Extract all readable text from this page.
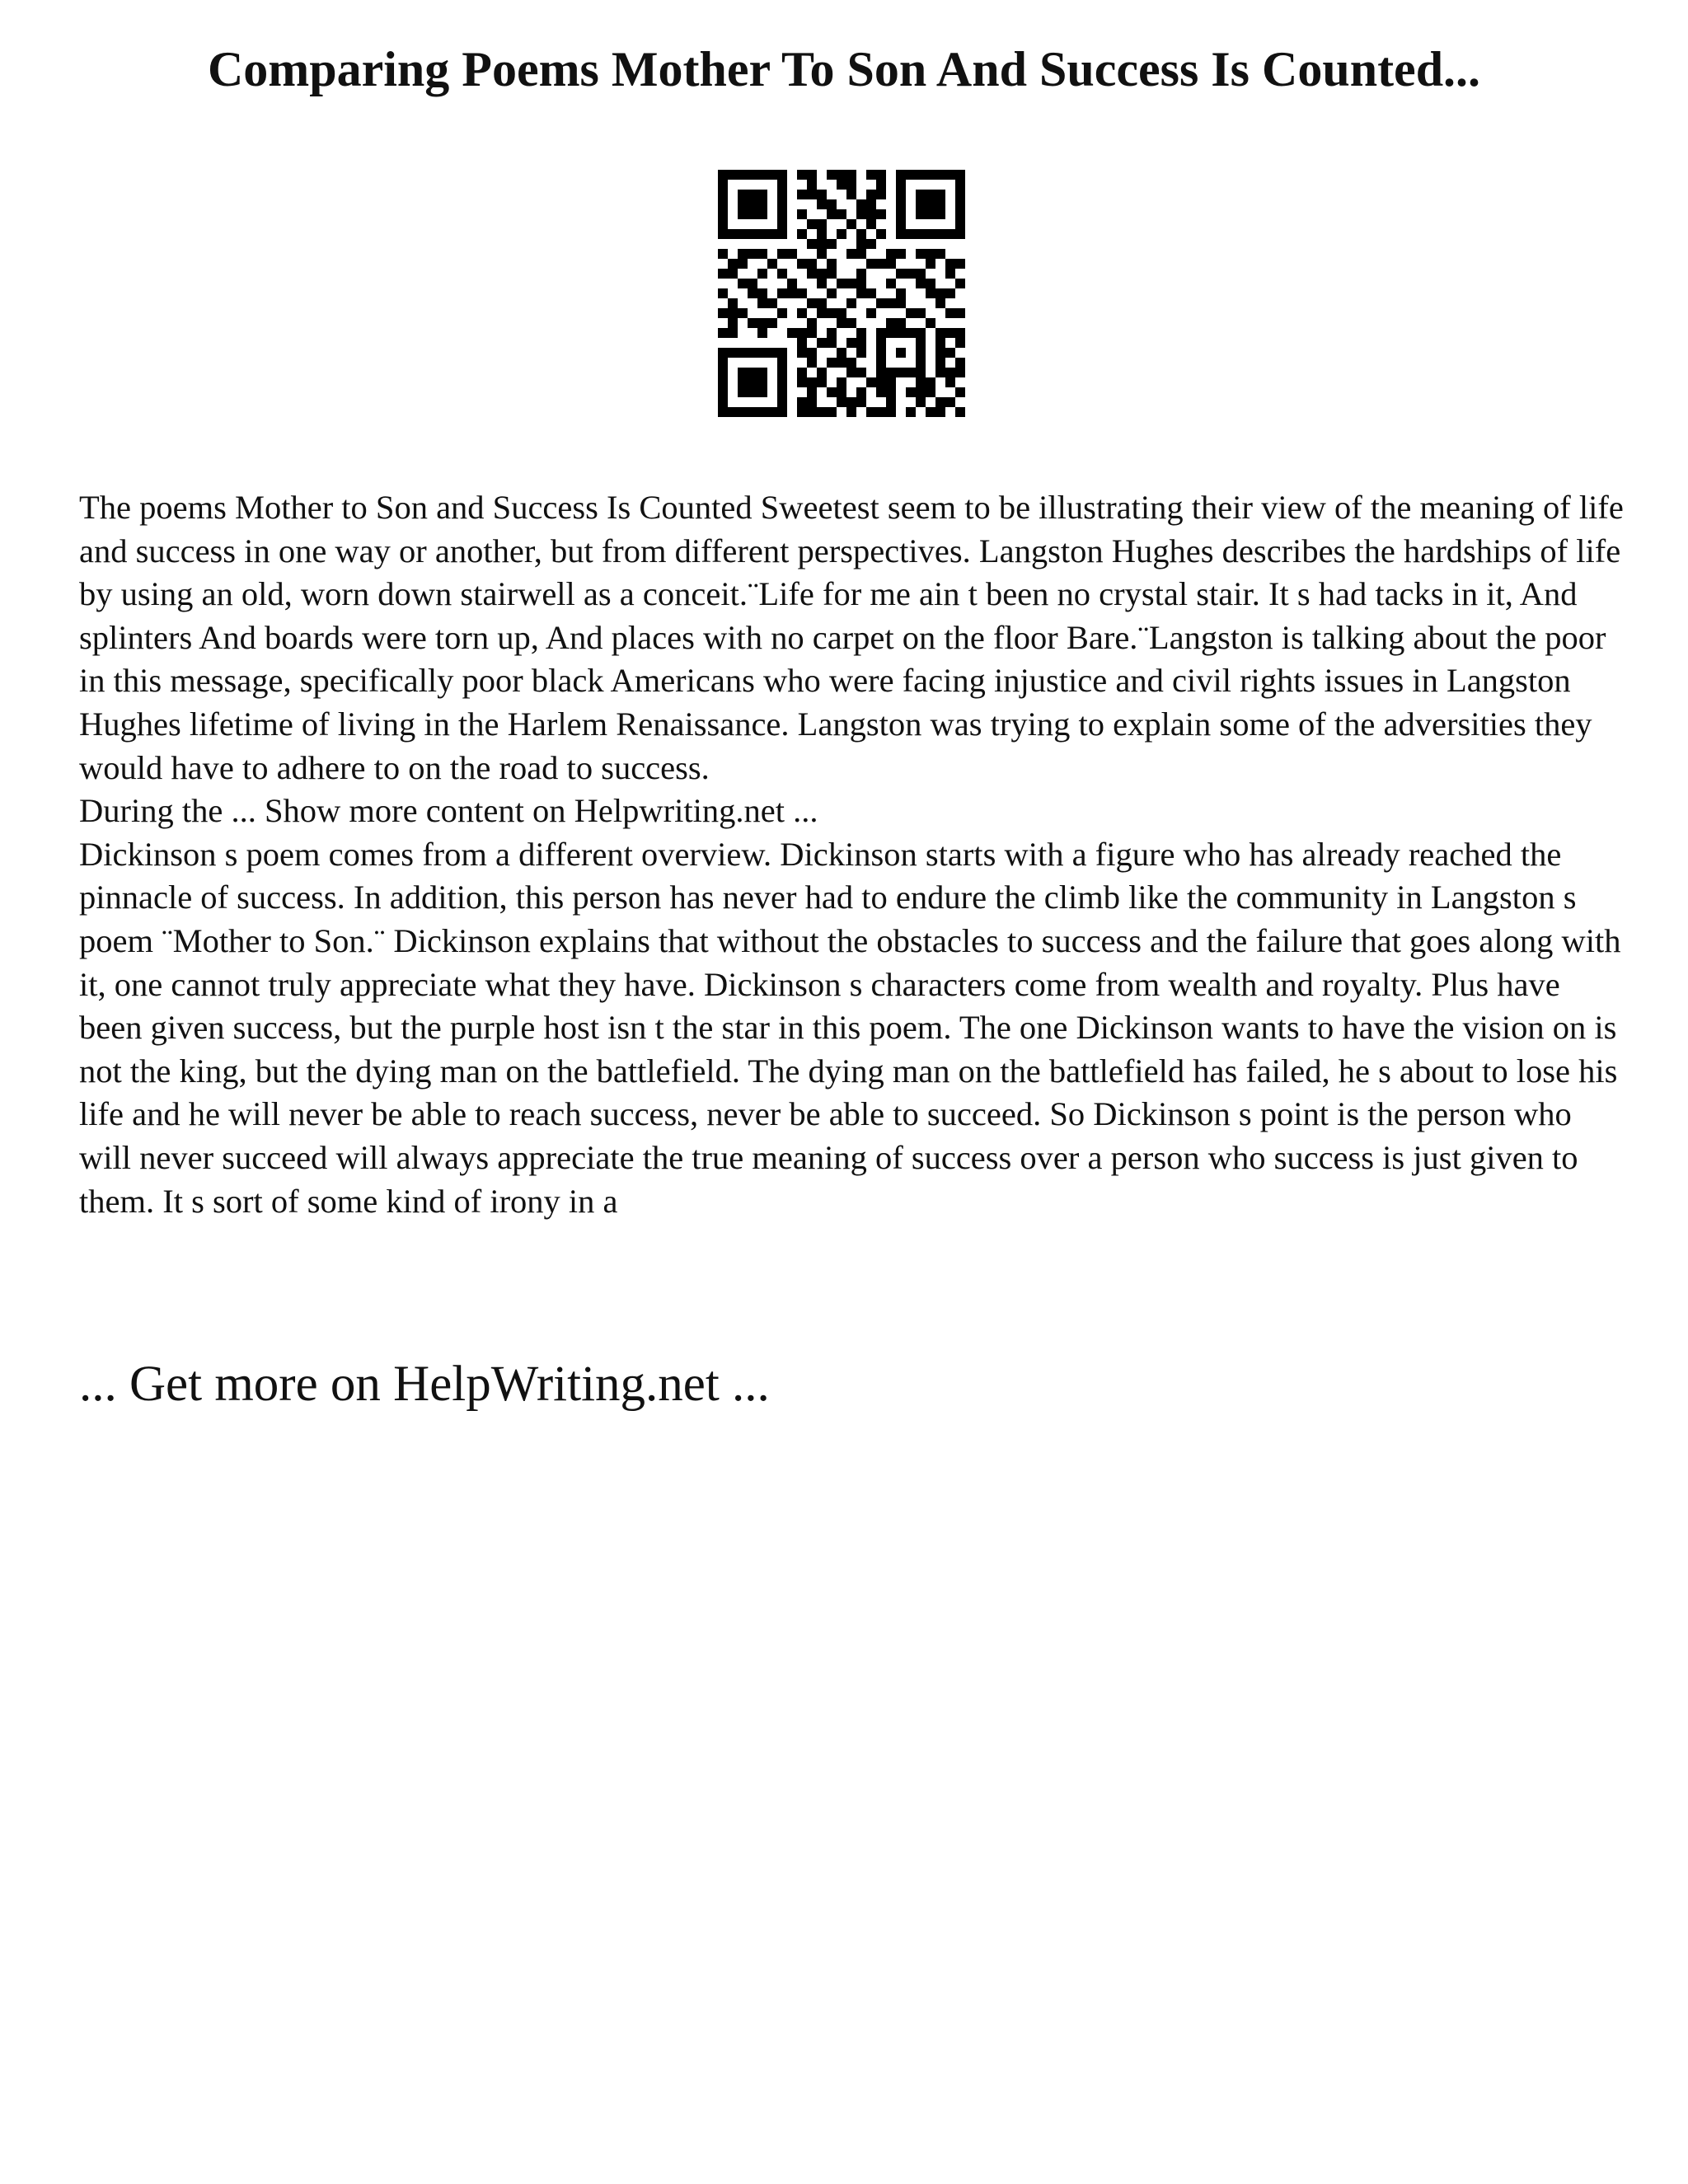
Comparing Poems Mother To Son And Success Is Counted...

The poems Mother to Son and Success Is Counted Sweetest seem to be illustrating their view of the meaning of life and success in one way or another, but from different perspectives. Langston Hughes describes the hardships of life by using an old, worn down stairwell as a conceit.¨Life for me ain t been no crystal stair. It s had tacks in it, And splinters And boards were torn up, And places with no carpet on the floor Bare.¨Langston is talking about the poor in this message, specifically poor black Americans who were facing injustice and civil rights issues in Langston Hughes lifetime of living in the Harlem Renaissance. Langston was trying to explain some of the adversities they would have to adhere to on the road to success.

During the ... Show more content on Helpwriting.net ...

Dickinson s poem comes from a different overview. Dickinson starts with a figure who has already reached the pinnacle of success. In addition, this person has never had to endure the climb like the community in Langston s poem ¨Mother to Son.¨ Dickinson explains that without the obstacles to success and the failure that goes along with it, one cannot truly appreciate what they have. Dickinson s characters come from wealth and royalty. Plus have been given success, but the purple host isn t the star in this poem. The one Dickinson wants to have the vision on is not the king, but the dying man on the battlefield. The dying man on the battlefield has failed, he s about to lose his life and he will never be able to reach success, never be able to succeed. So Dickinson s point is the person who will never succeed will always appreciate the true meaning of success over a person who success is just given to them. It s sort of some kind of irony in a

... Get more on HelpWriting.net ...
